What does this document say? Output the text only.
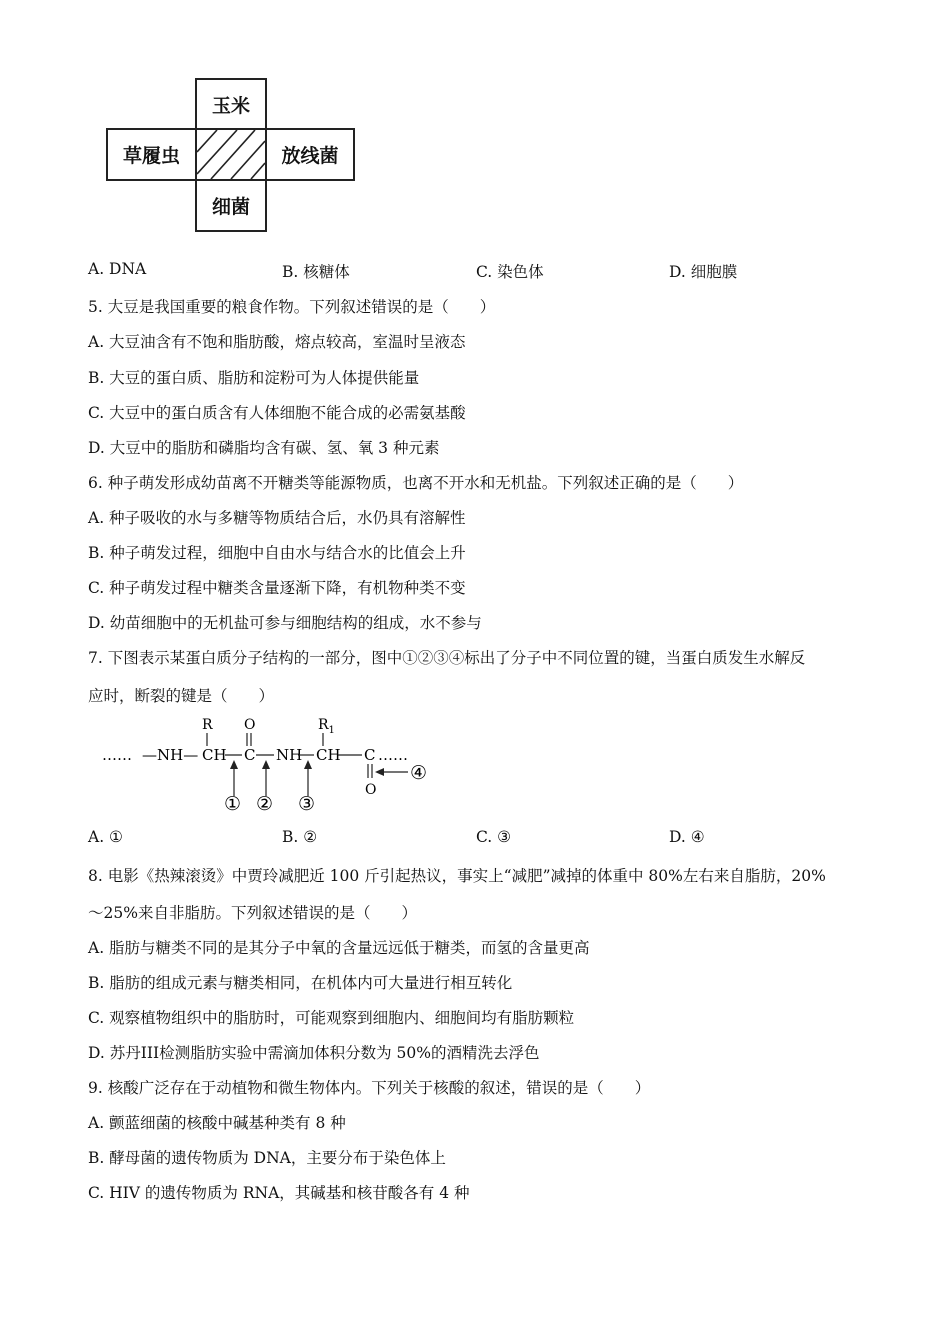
玉米
草履虫	放线菌
细菌
A. DNA	B. 核糖体	C. 染色体	D. 细胞膜
5. 大豆是我国重要的粮食作物。下列叙述错误的是（　　）
A. 大豆油含有不饱和脂肪酸，熔点较高，室温时呈液态
B. 大豆的蛋白质、脂肪和淀粉可为人体提供能量
C. 大豆中的蛋白质含有人体细胞不能合成的必需氨基酸
D. 大豆中的脂肪和磷脂均含有碳、氢、氧 3 种元素
6. 种子萌发形成幼苗离不开糖类等能源物质，也离不开水和无机盐。下列叙述正确的是（　　）
A. 种子吸收的水与多糖等物质结合后，水仍具有溶解性
B. 种子萌发过程，细胞中自由水与结合水的比值会上升
C. 种子萌发过程中糖类含量逐渐下降，有机物种类不变
D. 幼苗细胞中的无机盐可参与细胞结构的组成，水不参与
7. 下图表示某蛋白质分子结构的一部分，图中①②③④标出了分子中不同位置的键，当蛋白质发生水解反
应时，断裂的键是（　　）
…… —NH— CH
R
C
O
NH CH
$R_1$
C
O
……
① ② ③
④
A. ①	B. ②	C. ③	D. ④
8. 电影《热辣滚烫》中贾玲减肥近 100 斤引起热议，事实上“减肥”减掉的体重中 80%左右来自脂肪，20%
～25%来自非脂肪。下列叙述错误的是（　　）
A. 脂肪与糖类不同的是其分子中氧的含量远远低于糖类，而氢的含量更高
B. 脂肪的组成元素与糖类相同，在机体内可大量进行相互转化
C. 观察植物组织中的脂肪时，可能观察到细胞内、细胞间均有脂肪颗粒
D. 苏丹III检测脂肪实验中需滴加体积分数为 50%的酒精洗去浮色
9. 核酸广泛存在于动植物和微生物体内。下列关于核酸的叙述，错误的是（　　）
A. 颤蓝细菌的核酸中碱基种类有 8 种
B. 酵母菌的遗传物质为 DNA，主要分布于染色体上
C. HIV 的遗传物质为 RNA，其碱基和核苷酸各有 4 种
